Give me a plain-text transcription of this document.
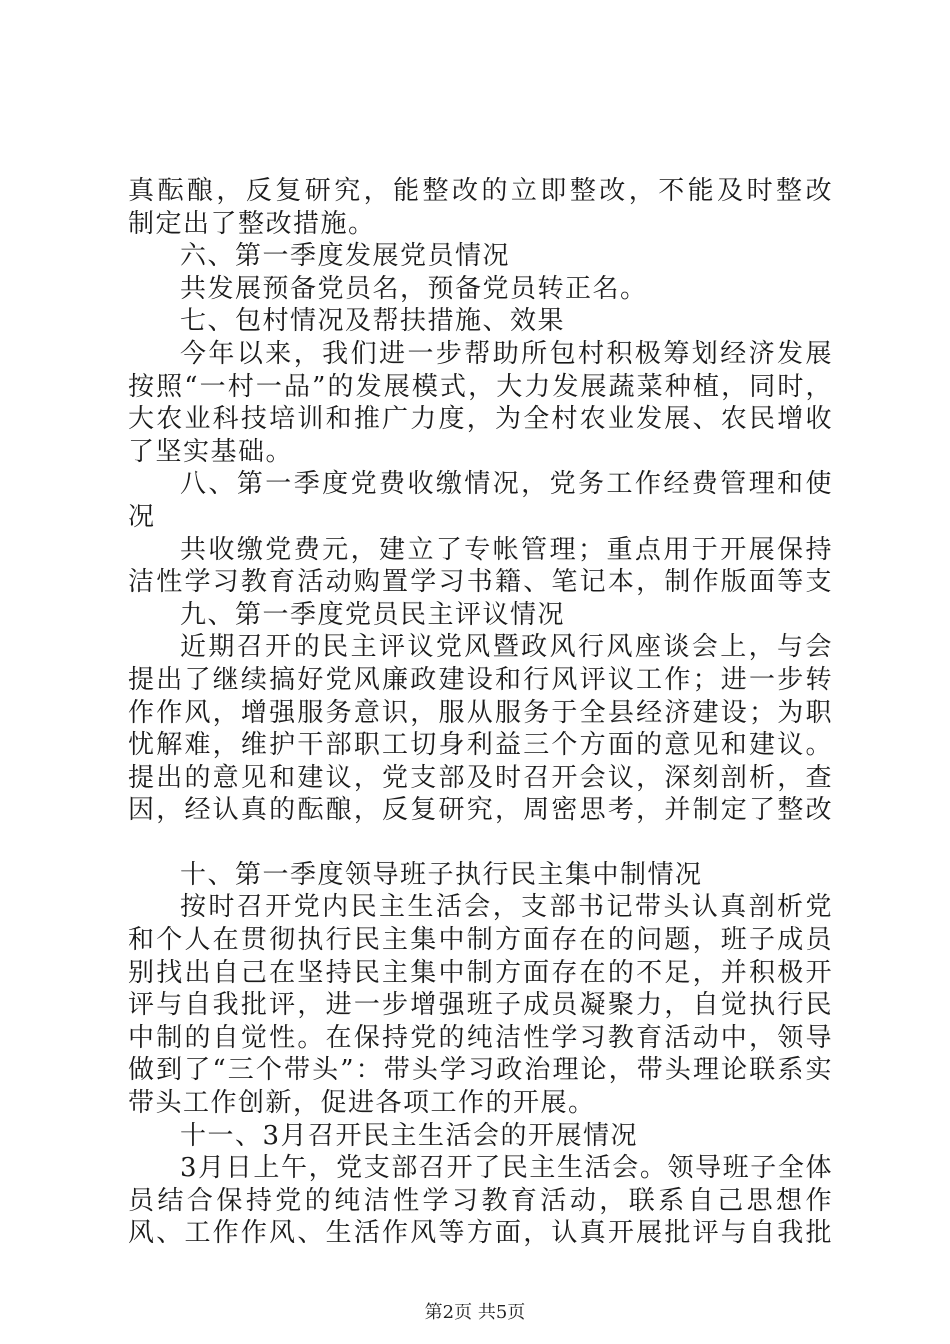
真酝酿，反复研究，能整改的立即整改，不能及时整改
制定出了整改措施。
六、第一季度发展党员情况
共发展预备党员名，预备党员转正名。
七、包村情况及帮扶措施、效果
今年以来，我们进一步帮助所包村积极筹划经济发展
按照“一村一品”的发展模式，大力发展蔬菜种植，同时，
大农业科技培训和推广力度，为全村农业发展、农民增收
了坚实基础。
八、第一季度党费收缴情况，党务工作经费管理和使
况
共收缴党费元，建立了专帐管理；重点用于开展保持
洁性学习教育活动购置学习书籍、笔记本，制作版面等支
九、第一季度党员民主评议情况
近期召开的民主评议党风暨政风行风座谈会上，与会
提出了继续搞好党风廉政建设和行风评议工作；进一步转
作作风，增强服务意识，服从服务于全县经济建设；为职
忧解难，维护干部职工切身利益三个方面的意见和建议。
提出的意见和建议，党支部及时召开会议，深刻剖析，查
因，经认真的酝酿，反复研究，周密思考，并制定了整改
十、第一季度领导班子执行民主集中制情况
按时召开党内民主生活会，支部书记带头认真剖析党
和个人在贯彻执行民主集中制方面存在的问题，班子成员
别找出自己在坚持民主集中制方面存在的不足，并积极开
评与自我批评，进一步增强班子成员凝聚力，自觉执行民
中制的自觉性。在保持党的纯洁性学习教育活动中，领导
做到了“三个带头”：带头学习政治理论，带头理论联系实
带头工作创新，促进各项工作的开展。
十一、3月召开民主生活会的开展情况
3月日上午，党支部召开了民主生活会。领导班子全体
员结合保持党的纯洁性学习教育活动，联系自己思想作
风、工作作风、生活作风等方面，认真开展批评与自我批
第2页 共5页
